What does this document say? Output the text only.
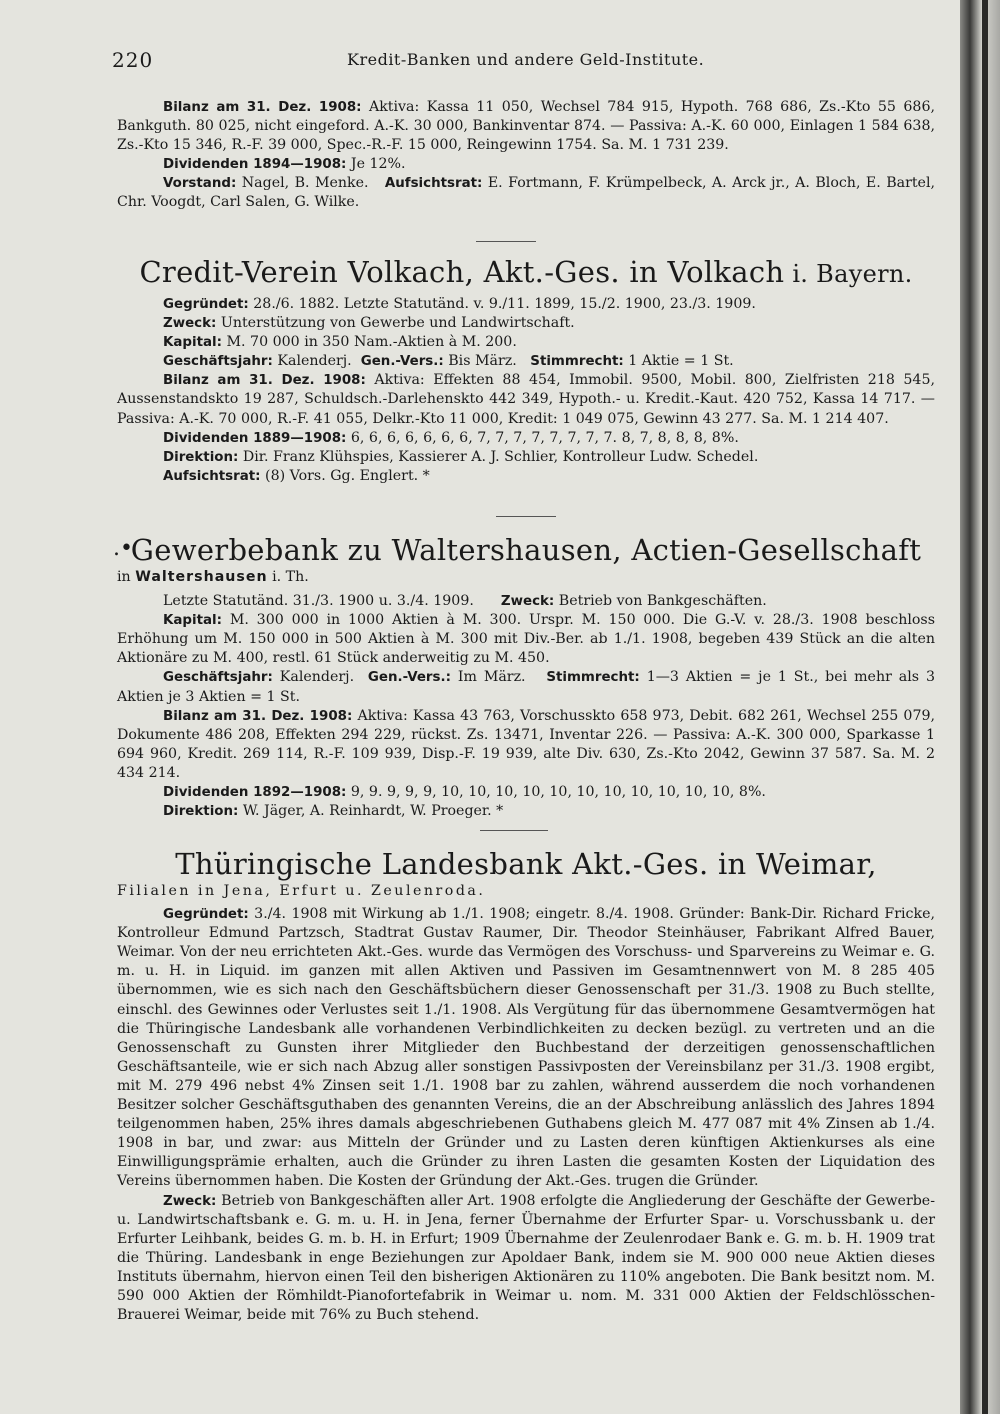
220	Kredit-Banken und andere Geld-Institute.

Bilanz am 31. Dez. 1908: Aktiva: Kassa 11 050, Wechsel 784 915, Hypoth. 768 686, Zs.-Kto 55 686, Bankguth. 80 025, nicht eingeford. A.-K. 30 000, Bankinventar 874. — Passiva: A.-K. 60 000, Einlagen 1 584 638, Zs.-Kto 15 346, R.-F. 39 000, Spec.-R.-F. 15 000, Reingewinn 1754. Sa. M. 1 731 239.

Dividenden 1894—1908: Je 12%.

Vorstand: Nagel, B. Menke. Aufsichtsrat: E. Fortmann, F. Krümpelbeck, A. Arck jr., A. Bloch, E. Bartel, Chr. Voogdt, Carl Salen, G. Wilke.

Credit-Verein Volkach, Akt.-Ges. in Volkach i. Bayern.

Gegründet: 28./6. 1882. Letzte Statutänd. v. 9./11. 1899, 15./2. 1900, 23./3. 1909.

Zweck: Unterstützung von Gewerbe und Landwirtschaft.

Kapital: M. 70 000 in 350 Nam.-Aktien à M. 200.

Geschäftsjahr: Kalenderj. Gen.-Vers.: Bis März. Stimmrecht: 1 Aktie = 1 St.

Bilanz am 31. Dez. 1908: Aktiva: Effekten 88 454, Immobil. 9500, Mobil. 800, Zielfristen 218 545, Aussenstandskto 19 287, Schuldsch.-Darlehenskto 442 349, Hypoth.- u. Kredit.-Kaut. 420 752, Kassa 14 717. — Passiva: A.-K. 70 000, R.-F. 41 055, Delkr.-Kto 11 000, Kredit: 1 049 075, Gewinn 43 277. Sa. M. 1 214 407.

Dividenden 1889—1908: 6, 6, 6, 6, 6, 6, 6, 7, 7, 7, 7, 7, 7, 7, 7. 8, 7, 8, 8, 8, 8%.

Direktion: Dir. Franz Klühspies, Kassierer A. J. Schlier, Kontrolleur Ludw. Schedel.

Aufsichtsrat: (8) Vors. Gg. Englert. *

.•
Gewerbebank zu Waltershausen, Actien-Gesellschaft

in Waltershausen i. Th.

Letzte Statutänd. 31./3. 1900 u. 3./4. 1909. Zweck: Betrieb von Bankgeschäften.

Kapital: M. 300 000 in 1000 Aktien à M. 300. Urspr. M. 150 000. Die G.-V. v. 28./3. 1908 beschloss Erhöhung um M. 150 000 in 500 Aktien à M. 300 mit Div.-Ber. ab 1./1. 1908, begeben 439 Stück an die alten Aktionäre zu M. 400, restl. 61 Stück anderweitig zu M. 450.

Geschäftsjahr: Kalenderj. Gen.-Vers.: Im März. Stimmrecht: 1—3 Aktien = je 1 St., bei mehr als 3 Aktien je 3 Aktien = 1 St.

Bilanz am 31. Dez. 1908: Aktiva: Kassa 43 763, Vorschusskto 658 973, Debit. 682 261, Wechsel 255 079, Dokumente 486 208, Effekten 294 229, rückst. Zs. 13471, Inventar 226. — Passiva: A.-K. 300 000, Sparkasse 1 694 960, Kredit. 269 114, R.-F. 109 939, Disp.-F. 19 939, alte Div. 630, Zs.-Kto 2042, Gewinn 37 587. Sa. M. 2 434 214.

Dividenden 1892—1908: 9, 9. 9, 9, 9, 10, 10, 10, 10, 10, 10, 10, 10, 10, 10, 10, 8%.

Direktion: W. Jäger, A. Reinhardt, W. Proeger. *

Thüringische Landesbank Akt.-Ges. in Weimar,

Filialen in Jena, Erfurt u. Zeulenroda.

Gegründet: 3./4. 1908 mit Wirkung ab 1./1. 1908; eingetr. 8./4. 1908. Gründer: Bank-Dir. Richard Fricke, Kontrolleur Edmund Partzsch, Stadtrat Gustav Raumer, Dir. Theodor Steinhäuser, Fabrikant Alfred Bauer, Weimar. Von der neu errichteten Akt.-Ges. wurde das Vermögen des Vorschuss- und Sparvereins zu Weimar e. G. m. u. H. in Liquid. im ganzen mit allen Aktiven und Passiven im Gesamtnennwert von M. 8 285 405 übernommen, wie es sich nach den Geschäftsbüchern dieser Genossenschaft per 31./3. 1908 zu Buch stellte, einschl. des Gewinnes oder Verlustes seit 1./1. 1908. Als Vergütung für das übernommene Gesamtvermögen hat die Thüringische Landesbank alle vorhandenen Verbindlichkeiten zu decken bezügl. zu vertreten und an die Genossenschaft zu Gunsten ihrer Mitglieder den Buchbestand der derzeitigen genossenschaftlichen Geschäftsanteile, wie er sich nach Abzug aller sonstigen Passivposten der Vereinsbilanz per 31./3. 1908 ergibt, mit M. 279 496 nebst 4% Zinsen seit 1./1. 1908 bar zu zahlen, während ausserdem die noch vorhandenen Besitzer solcher Geschäftsguthaben des genannten Vereins, die an der Abschreibung anlässlich des Jahres 1894 teilgenommen haben, 25% ihres damals abgeschriebenen Guthabens gleich M. 477 087 mit 4% Zinsen ab 1./4. 1908 in bar, und zwar: aus Mitteln der Gründer und zu Lasten deren künftigen Aktienkurses als eine Einwilligungsprämie erhalten, auch die Gründer zu ihren Lasten die gesamten Kosten der Liquidation des Vereins übernommen haben. Die Kosten der Gründung der Akt.-Ges. trugen die Gründer.

Zweck: Betrieb von Bankgeschäften aller Art. 1908 erfolgte die Angliederung der Geschäfte der Gewerbe- u. Landwirtschaftsbank e. G. m. u. H. in Jena, ferner Übernahme der Erfurter Spar- u. Vorschussbank u. der Erfurter Leihbank, beides G. m. b. H. in Erfurt; 1909 Übernahme der Zeulenrodaer Bank e. G. m. b. H. 1909 trat die Thüring. Landesbank in enge Beziehungen zur Apoldaer Bank, indem sie M. 900 000 neue Aktien dieses Instituts übernahm, hiervon einen Teil den bisherigen Aktionären zu 110% angeboten. Die Bank besitzt nom. M. 590 000 Aktien der Römhildt-Pianofortefabrik in Weimar u. nom. M. 331 000 Aktien der Feldschlösschen-Brauerei Weimar, beide mit 76% zu Buch stehend.
